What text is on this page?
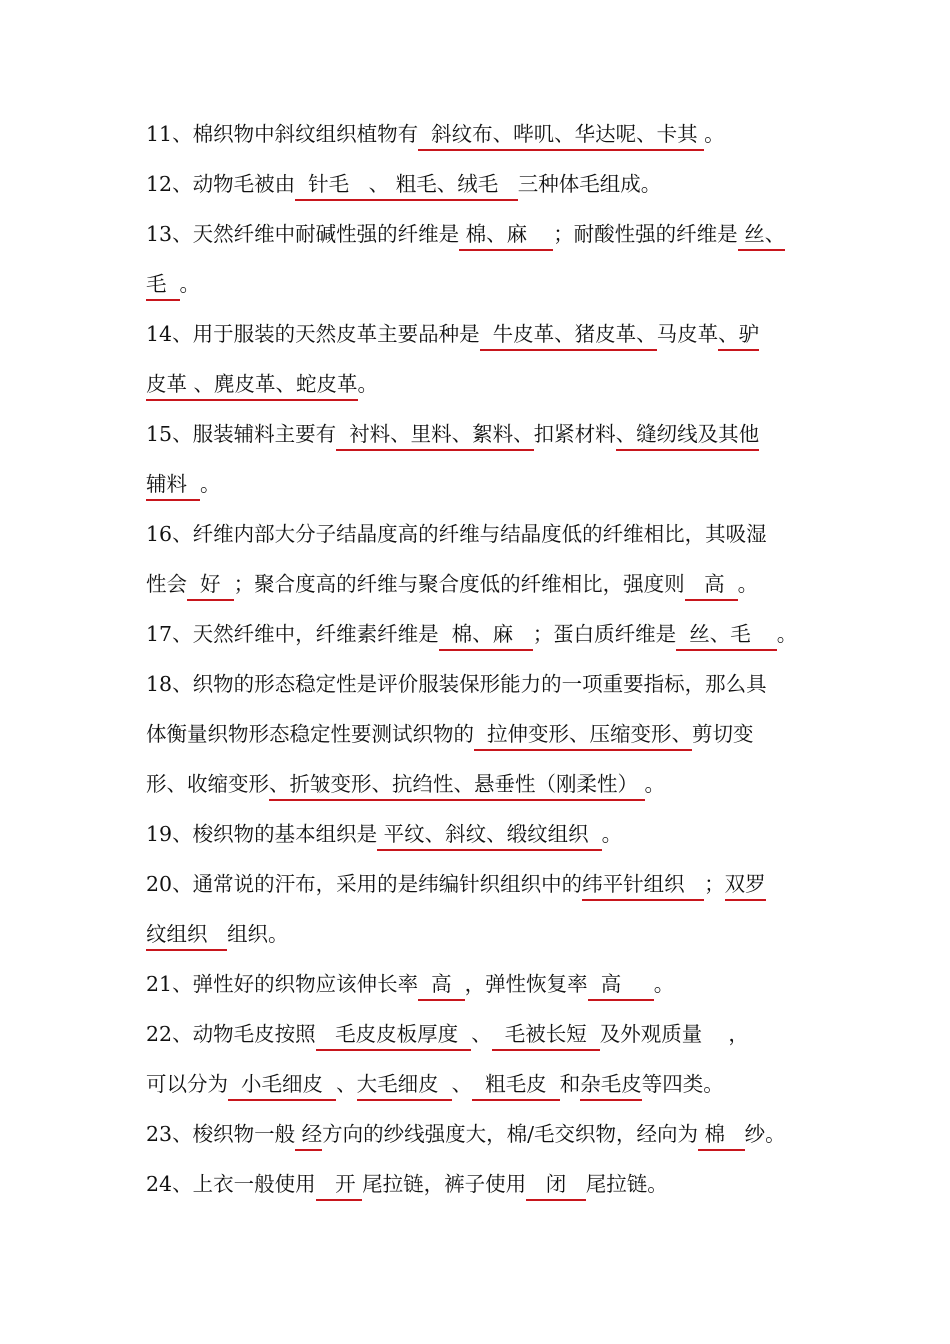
11、棉织物中斜纹组织植物有  斜纹布、哔叽、华达呢、卡其 。
12、动物毛被由  针毛   、 粗毛、绒毛   三种体毛组成。
13、天然纤维中耐碱性强的纤维是 棉、麻    ；耐酸性强的纤维是 丝、
毛  。
14、用于服装的天然皮革主要品种是  牛皮革、猪皮革、马皮革、驴
皮革 、麂皮革、蛇皮革。
15、服装辅料主要有  衬料、里料、絮料、扣紧材料、缝纫线及其他
辅料  。
16、纤维内部大分子结晶度高的纤维与结晶度低的纤维相比，其吸湿
性会  好  ；聚合度高的纤维与聚合度低的纤维相比，强度则   高  。
17、天然纤维中，纤维素纤维是  棉、麻   ；蛋白质纤维是  丝、毛    。
18、织物的形态稳定性是评价服装保形能力的一项重要指标，那么具
体衡量织物形态稳定性要测试织物的  拉伸变形、压缩变形、剪切变
形、收缩变形、折皱变形、抗绉性、悬垂性（刚柔性） 。
19、梭织物的基本组织是 平纹、斜纹、缎纹组织  。
20、通常说的汗布，采用的是纬编针织组织中的纬平针组织   ；双罗
纹组织   组织。
21、弹性好的织物应该伸长率  高  ，弹性恢复率  高     。
22、动物毛皮按照   毛皮皮板厚度  、  毛被长短  及外观质量    ，
可以分为  小毛细皮  、大毛细皮  、  粗毛皮  和杂毛皮等四类。
23、梭织物一般 经方向的纱线强度大，棉/毛交织物，经向为 棉   纱。
24、上衣一般使用   开 尾拉链，裤子使用   闭   尾拉链。
